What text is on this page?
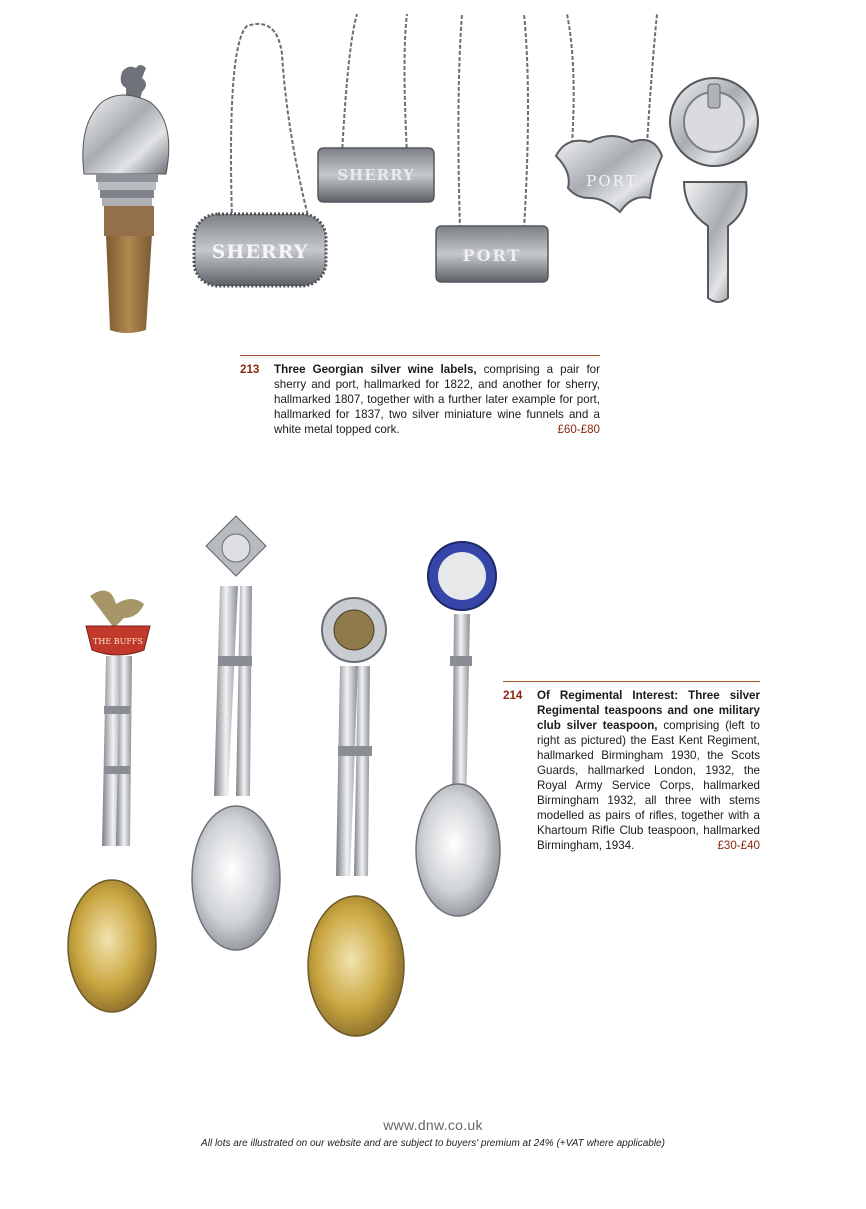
SHERRY
SHERRY
PORT
PORT
213	Three Georgian silver wine labels, comprising a pair for sherry and port, hallmarked for 1822, and another for sherry, hallmarked 1807, together with a further later example for port, hallmarked for 1837, two silver miniature wine funnels and a white metal topped cork.	£60-£80
THE BUFFS
214	Of Regimental Interest: Three silver Regimental teaspoons and one military club silver teaspoon, comprising (left to right as pictured) the East Kent Regiment, hallmarked Birmingham 1930, the Scots Guards, hallmarked London, 1932, the Royal Army Service Corps, hallmarked Birmingham 1932, all three with stems modelled as pairs of rifles, together with a Khartoum Rifle Club teaspoon, hallmarked Birmingham, 1934.	£30-£40
www.dnw.co.uk
All lots are illustrated on our website and are subject to buyers' premium at 24% (+VAT where applicable)
